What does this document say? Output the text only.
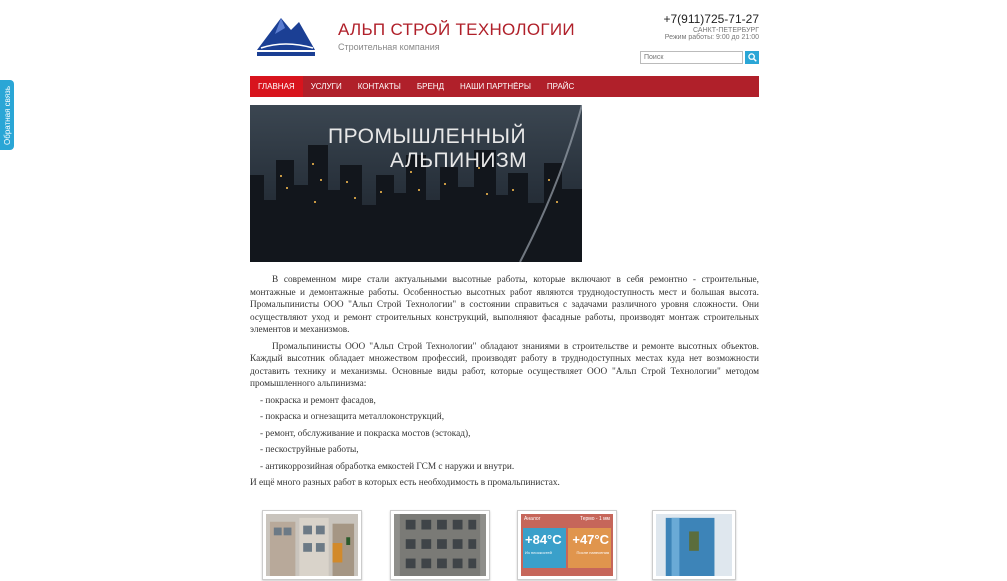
Обратная связь
АЛЬП СТРОЙ ТЕХНОЛОГИИ
Строительная компания
+7(911)725-71-27
САНКТ-ПЕТЕРБУРГ
Режим работы: 9:00 до 21:00
Поиск
ГЛАВНАЯ	УСЛУГИ	КОНТАКТЫ	БРЕНД	НАШИ ПАРТНЁРЫ	ПРАЙС
ПРОМЫШЛЕННЫЙ
АЛЬПИНИЗМ

В современном мире стали актуальными высотные работы, которые включают в себя ремонтно - строительные, монтажные и демонтажные работы. Особенностью высотных работ являются труднодоступность мест и большая высота. Промальпинисты ООО "Альп Строй Технологии" в состоянии справиться с задачами различного уровня сложности. Они осуществляют уход и ремонт строительных конструкций, выполняют фасадные работы, производят монтаж строительных элементов и механизмов.

Промальпинисты ООО "Альп Строй Технологии" обладают знаниями в строительстве и ремонте высотных объектов. Каждый высотник обладает множеством профессий, производят работу в труднодоступных местах куда нет возможности доставить технику и механизмы. Основные виды работ, которые осуществляет ООО "Альп Строй Технологии" методом промышленного альпинизма:

- покраска и ремонт фасадов,
- покраска и огнезащита металлоконструкций,
- ремонт, обслуживание и покраска мостов (эстокад),
- пескоструйные работы,
- антикоррозийная обработка емкостей ГСМ с наружи и внутри.

И ещё много разных работ в которых есть необходимость в промальпинистах.

Аналог	Термо - 1 мм
+84°C +47°C
Из плоскостей	После нанесения
